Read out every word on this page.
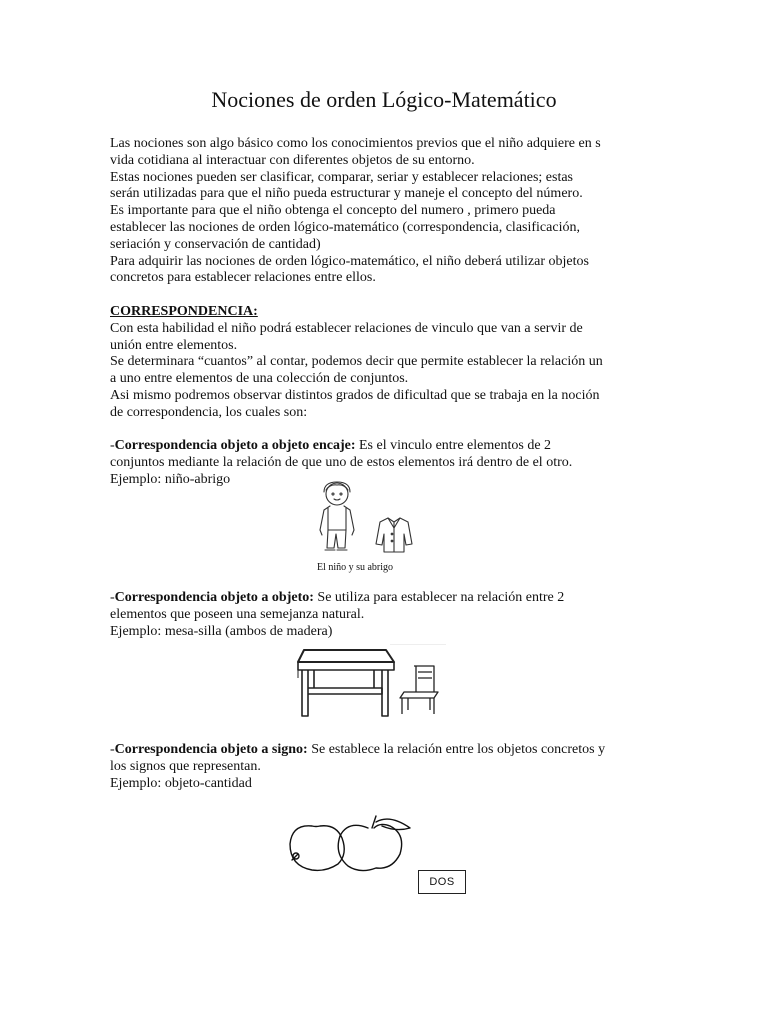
Nociones de orden Lógico-Matemático

Las nociones son algo básico como los conocimientos previos que el niño adquiere en s

vida cotidiana al interactuar con diferentes objetos de su entorno.

Estas nociones pueden ser clasificar, comparar, seriar y establecer relaciones; estas

serán utilizadas para que el niño pueda estructurar y maneje el concepto del número.

Es importante para que el niño obtenga el concepto del numero , primero pueda

establecer las nociones de orden lógico-matemático (correspondencia, clasificación,

seriación y conservación de cantidad)

Para adquirir las nociones de orden lógico-matemático, el niño deberá utilizar objetos

concretos para establecer relaciones entre ellos.

CORRESPONDENCIA:

Con esta habilidad el niño podrá establecer relaciones de vinculo que van a servir de

unión entre elementos.

Se determinara “cuantos” al contar, podemos decir que permite establecer la relación un

a uno entre elementos de una colección de conjuntos.

Asi mismo podremos observar distintos grados de dificultad que se trabaja en la noción

de correspondencia, los cuales son:

-Correspondencia objeto a objeto encaje: Es el vinculo entre elementos de 2

conjuntos mediante la relación de que uno de estos elementos irá dentro de el otro.

Ejemplo: niño-abrigo

El niño y su abrigo

-Correspondencia objeto a objeto: Se utiliza para establecer na relación entre 2

elementos que poseen una semejanza natural.

Ejemplo: mesa-silla (ambos de madera)

-Correspondencia objeto a signo: Se establece la relación entre los objetos concretos y

los signos que representan.

Ejemplo: objeto-cantidad

DOS
